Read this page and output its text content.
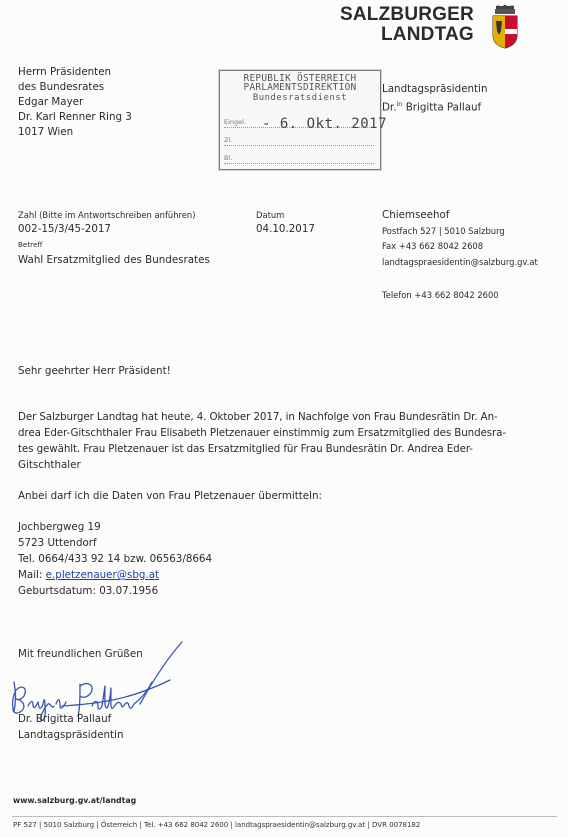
SALZBURGER
LANDTAG
Herrn Präsidenten
des Bundesrates
Edgar Mayer
Dr. Karl Renner Ring 3
1017 Wien
REPUBLIK ÖSTERREICH
PARLAMENTSDIREKTION
Bundesratsdienst
Eingel.
Zl.
Bl.
- 6. Okt. 2017
Landtagspräsidentin
Dr.$^{in}$ Brigitta Pallauf
Zahl (Bitte im Antwortschreiben anführen)
002-15/3/45-2017
Datum
04.10.2017
Betreff
Wahl Ersatzmitglied des Bundesrates
Chiemseehof
Postfach 527 | 5010 Salzburg
Fax +43 662 8042 2608
landtagspraesidentin@salzburg.gv.at
Telefon +43 662 8042 2600
Sehr geehrter Herr Präsident!
Der Salzburger Landtag hat heute, 4. Oktober 2017, in Nachfolge von Frau Bundesrätin Dr. An-
drea Eder-Gitschthaler Frau Elisabeth Pletzenauer einstimmig zum Ersatzmitglied des Bundesra-
tes gewählt. Frau Pletzenauer ist das Ersatzmitglied für Frau Bundesrätin Dr. Andrea Eder-
Gitschthaler
Anbei darf ich die Daten von Frau Pletzenauer übermitteln:
Jochbergweg 19
5723 Uttendorf
Tel. 0664/433 92 14 bzw. 06563/8664
Mail: e.pletzenauer@sbg.at
Geburtsdatum: 03.07.1956
Mit freundlichen Grüßen
Dr. Brigitta Pallauf
Landtagspräsidentin
www.salzburg.gv.at/landtag
PF 527 | 5010 Salzburg | Österreich | Tel. +43 662 8042 2600 | landtagspraesidentin@salzburg.gv.at | DVR 0078182
